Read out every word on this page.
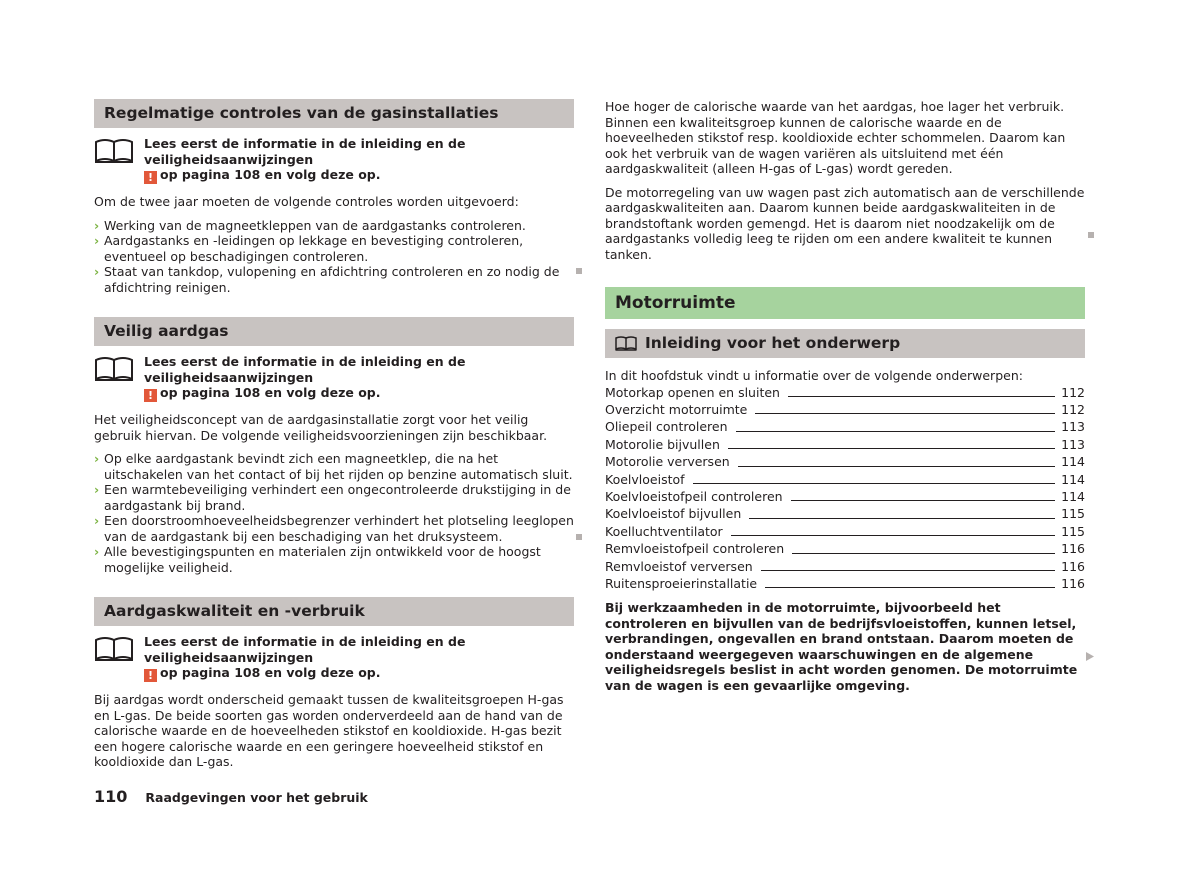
Regelmatige controles van de gasinstallaties
Lees eerst de informatie in de inleiding en de veiligheidsaanwijzingen
! op pagina 108 en volg deze op.

Om de twee jaar moeten de volgende controles worden uitgevoerd:

› Werking van de magneetkleppen van de aardgastanks controleren.
› Aardgastanks en -leidingen op lekkage en bevestiging controleren, eventueel op beschadigingen controleren.
› Staat van tankdop, vulopening en afdichtring controleren en zo nodig de afdichtring reinigen.
Veilig aardgas
Lees eerst de informatie in de inleiding en de veiligheidsaanwijzingen
! op pagina 108 en volg deze op.

Het veiligheidsconcept van de aardgasinstallatie zorgt voor het veilig gebruik hiervan. De volgende veiligheidsvoorzieningen zijn beschikbaar.

› Op elke aardgastank bevindt zich een magneetklep, die na het uitschakelen van het contact of bij het rijden op benzine automatisch sluit.
› Een warmtebeveiliging verhindert een ongecontroleerde drukstijging in de aardgastank bij brand.
› Een doorstroomhoeveelheidsbegrenzer verhindert het plotseling leeglopen van de aardgastank bij een beschadiging van het druksysteem.
› Alle bevestigingspunten en materialen zijn ontwikkeld voor de hoogst mogelijke veiligheid.
Aardgaskwaliteit en -verbruik
Lees eerst de informatie in de inleiding en de veiligheidsaanwijzingen
! op pagina 108 en volg deze op.

Bij aardgas wordt onderscheid gemaakt tussen de kwaliteitsgroepen H-gas en L-gas. De beide soorten gas worden onderverdeeld aan de hand van de calorische waarde en de hoeveelheden stikstof en kooldioxide. H-gas bezit een hogere calorische waarde en een geringere hoeveelheid stikstof en kooldioxide dan L-gas.

Hoe hoger de calorische waarde van het aardgas, hoe lager het verbruik. Binnen een kwaliteitsgroep kunnen de calorische waarde en de hoeveelheden stikstof resp. kooldioxide echter schommelen. Daarom kan ook het verbruik van de wagen variëren als uitsluitend met één aardgaskwaliteit (alleen H-gas of L-gas) wordt gereden.

De motorregeling van uw wagen past zich automatisch aan de verschillende aardgaskwaliteiten aan. Daarom kunnen beide aardgaskwaliteiten in de brandstoftank worden gemengd. Het is daarom niet noodzakelijk om de aardgastanks volledig leeg te rijden om een andere kwaliteit te kunnen tanken.

Motorruimte
Inleiding voor het onderwerp

In dit hoofdstuk vindt u informatie over de volgende onderwerpen:

Motorkap openen en sluiten	112
Overzicht motorruimte	112
Oliepeil controleren	113
Motorolie bijvullen	113
Motorolie verversen	114
Koelvloeistof	114
Koelvloeistofpeil controleren	114
Koelvloeistof bijvullen	115
Koelluchtventilator	115
Remvloeistofpeil controleren	116
Remvloeistof verversen	116
Ruitensproeierinstallatie	116

Bij werkzaamheden in de motorruimte, bijvoorbeeld het controleren en bijvullen van de bedrijfsvloeistoffen, kunnen letsel, verbrandingen, ongevallen en brand ontstaan. Daarom moeten de onderstaand weergegeven waarschuwingen en de algemene veiligheidsregels beslist in acht worden genomen. De motorruimte van de wagen is een gevaarlijke omgeving.

110 Raadgevingen voor het gebruik
